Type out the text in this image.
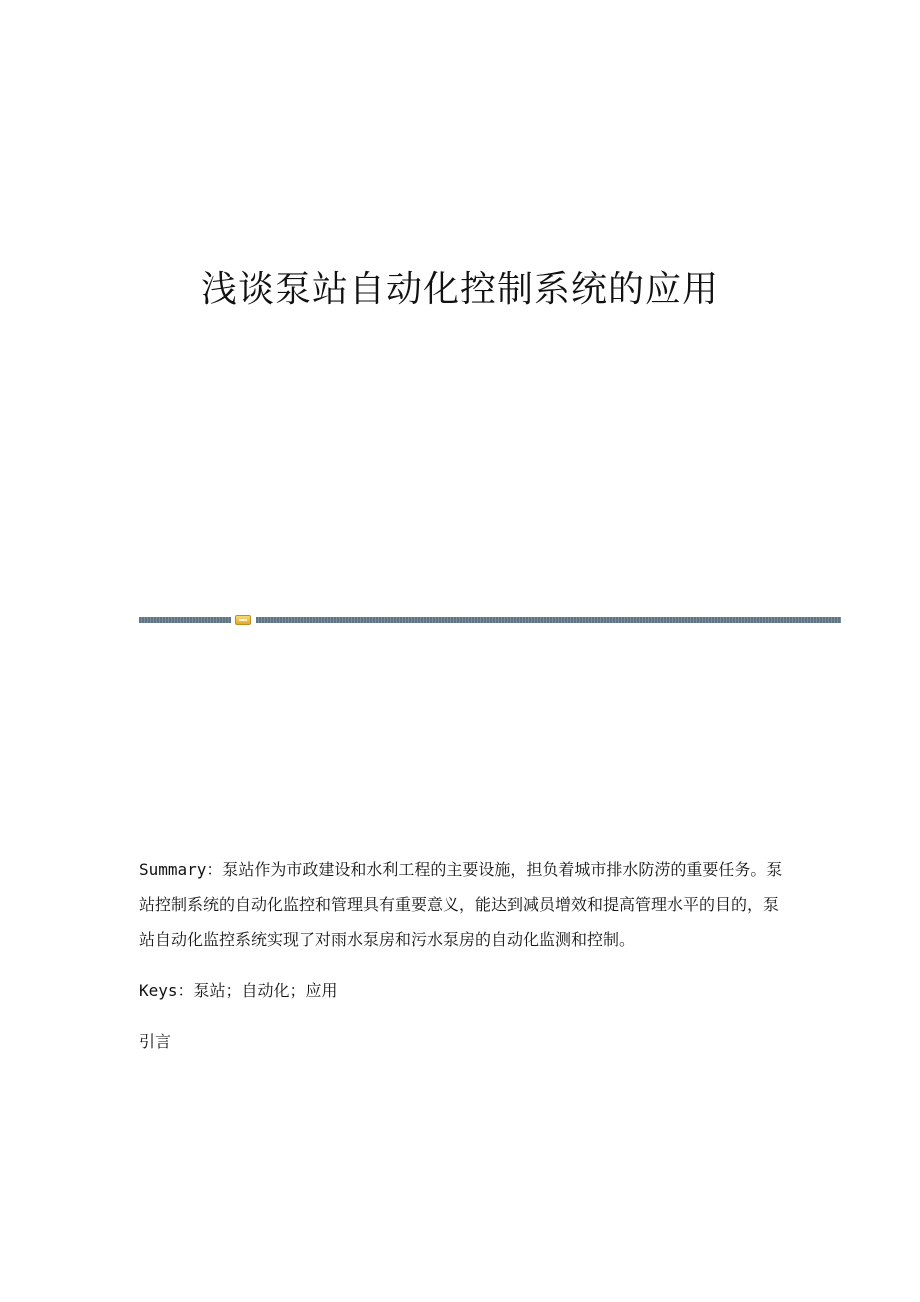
浅谈泵站自动化控制系统的应用

Summary：泵站作为市政建设和水利工程的主要设施，担负着城市排水防涝的重要任务。泵站控制系统的自动化监控和管理具有重要意义，能达到减员增效和提高管理水平的目的，泵站自动化监控系统实现了对雨水泵房和污水泵房的自动化监测和控制。

Keys：泵站；自动化；应用

引言
